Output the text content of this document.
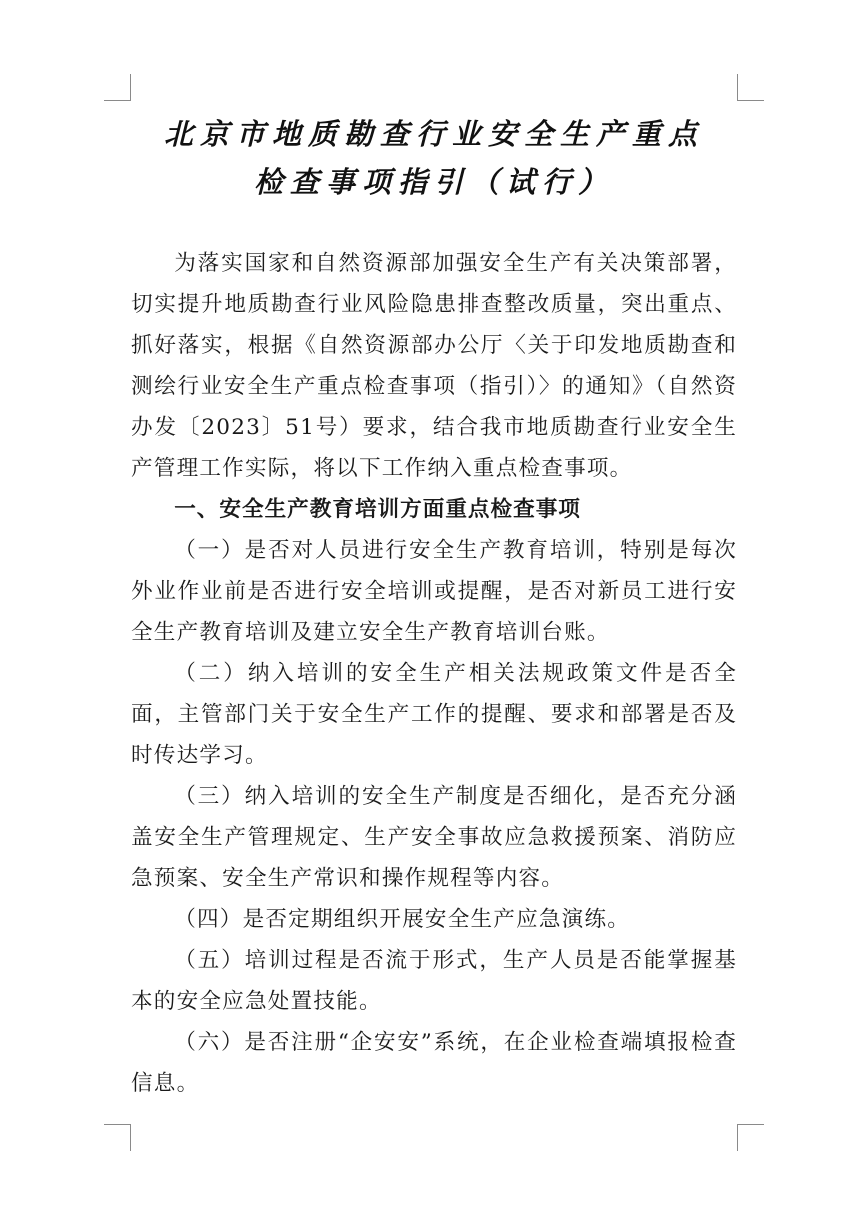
北京市地质勘查行业安全生产重点
检查事项指引（试行）

为落实国家和自然资源部加强安全生产有关决策部署，切实提升地质勘查行业风险隐患排查整改质量，突出重点、抓好落实，根据《自然资源部办公厅〈关于印发地质勘查和测绘行业安全生产重点检查事项（指引）〉的通知》（自然资办发〔2023〕51号）要求，结合我市地质勘查行业安全生产管理工作实际，将以下工作纳入重点检查事项。

一、安全生产教育培训方面重点检查事项

（一）是否对人员进行安全生产教育培训，特别是每次外业作业前是否进行安全培训或提醒，是否对新员工进行安全生产教育培训及建立安全生产教育培训台账。

（二）纳入培训的安全生产相关法规政策文件是否全面，主管部门关于安全生产工作的提醒、要求和部署是否及时传达学习。

（三）纳入培训的安全生产制度是否细化，是否充分涵盖安全生产管理规定、生产安全事故应急救援预案、消防应急预案、安全生产常识和操作规程等内容。

（四）是否定期组织开展安全生产应急演练。

（五）培训过程是否流于形式，生产人员是否能掌握基本的安全应急处置技能。

（六）是否注册“企安安”系统，在企业检查端填报检查信息。
